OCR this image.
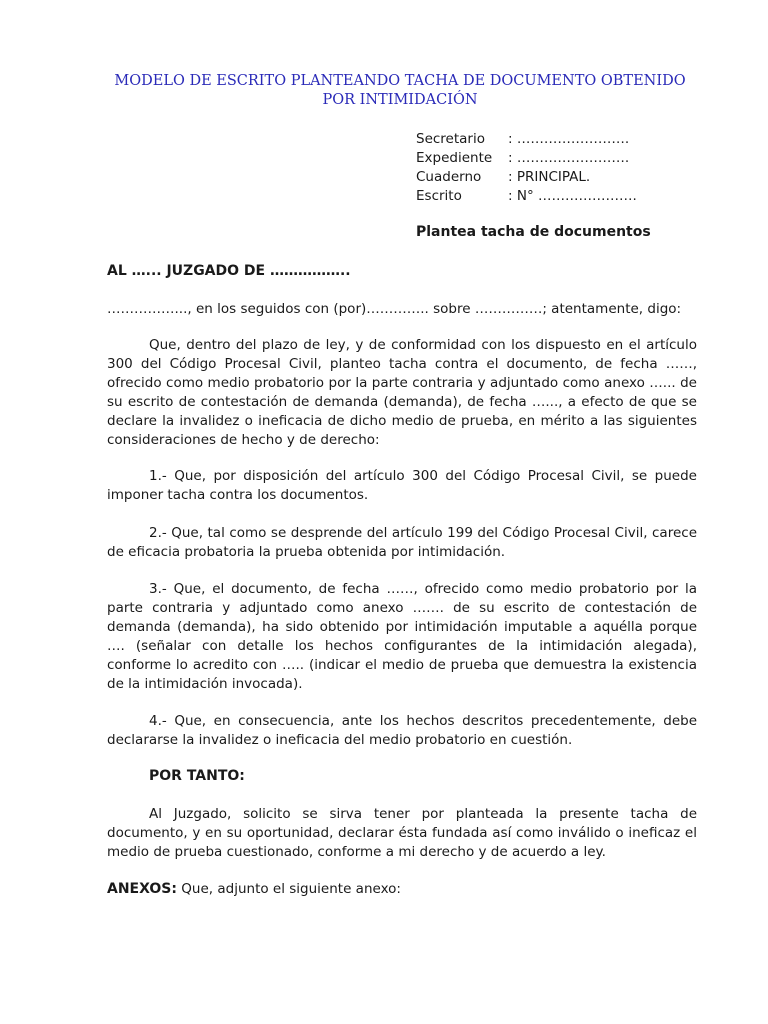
MODELO DE ESCRITO PLANTEANDO TACHA DE DOCUMENTO OBTENIDO POR INTIMIDACIÓN
Secretario	: …………………….
Expediente	: …………………….
Cuaderno	: PRINCIPAL.
Escrito	: N° ………………….
Plantea tacha de documentos
AL …... JUZGADO DE ……………..
……………..., en los seguidos con (por)………….. sobre ……………; atentamente, digo:
Que, dentro del plazo de ley, y de conformidad con los dispuesto en el artículo 300 del Código Procesal Civil, planteo tacha contra el documento, de fecha ……, ofrecido como medio probatorio por la parte contraria y adjuntado como anexo …... de su escrito de contestación de demanda (demanda), de fecha …..., a efecto de que se declare la invalidez o ineficacia de dicho medio de prueba, en mérito a las siguientes consideraciones de hecho y de derecho:
1.- Que, por disposición del artículo 300 del Código Procesal Civil, se puede imponer tacha contra los documentos.
2.- Que, tal como se desprende del artículo 199 del Código Procesal Civil, carece de eficacia probatoria la prueba obtenida por intimidación.
3.- Que, el documento, de fecha ……, ofrecido como medio probatorio por la parte contraria y adjuntado como anexo ……. de su escrito de contestación de demanda (demanda), ha sido obtenido por intimidación imputable a aquélla porque …. (señalar con detalle los hechos configurantes de la intimidación alegada), conforme lo acredito con ….. (indicar el medio de prueba que demuestra la existencia de la intimidación invocada).
4.- Que, en consecuencia, ante los hechos descritos precedentemente, debe declararse la invalidez o ineficacia del medio probatorio en cuestión.
POR TANTO:
Al Juzgado, solicito se sirva tener por planteada la presente tacha de documento, y en su oportunidad, declarar ésta fundada así como inválido o ineficaz el medio de prueba cuestionado, conforme a mi derecho y de acuerdo a ley.
ANEXOS: Que, adjunto el siguiente anexo:
